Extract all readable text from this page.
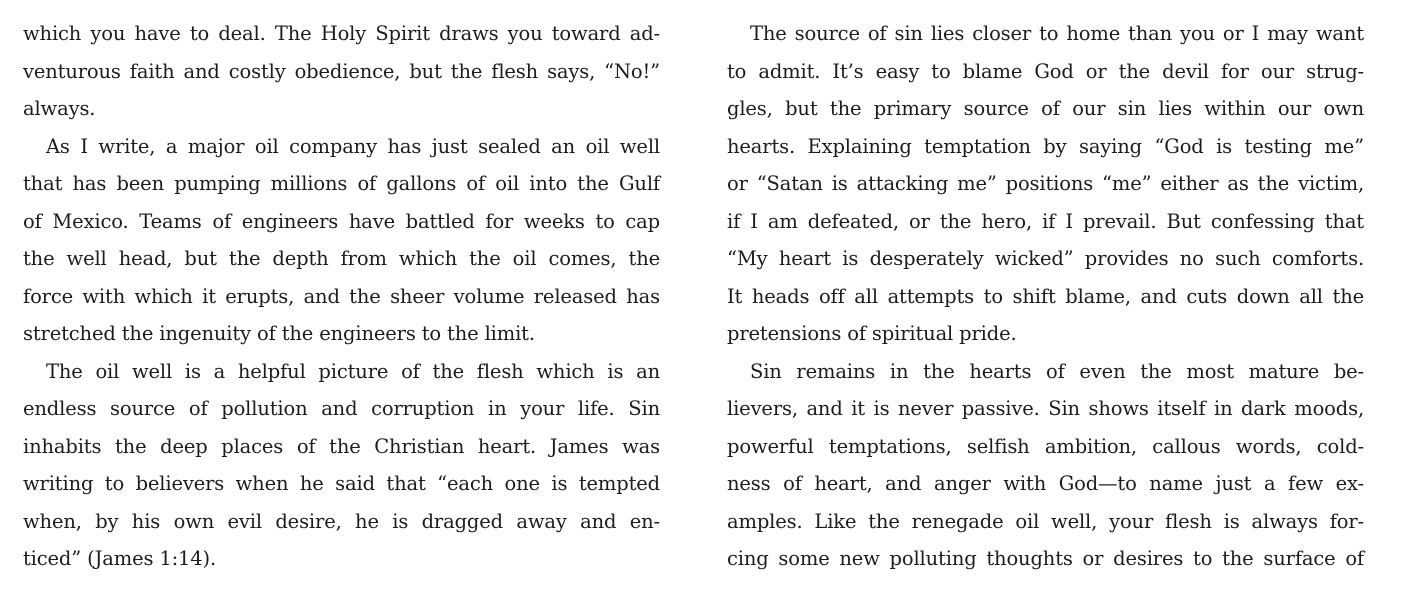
which you have to deal. The Holy Spirit draws you toward ad-
venturous faith and costly obedience, but the flesh says, “No!”
always.
As I write, a major oil company has just sealed an oil well
that has been pumping millions of gallons of oil into the Gulf
of Mexico. Teams of engineers have battled for weeks to cap
the well head, but the depth from which the oil comes, the
force with which it erupts, and the sheer volume released has
stretched the ingenuity of the engineers to the limit.
The oil well is a helpful picture of the flesh which is an
endless source of pollution and corruption in your life. Sin
inhabits the deep places of the Christian heart. James was
writing to believers when he said that “each one is tempted
when, by his own evil desire, he is dragged away and en-
ticed” (James 1:14).
The source of sin lies closer to home than you or I may want
to admit. It’s easy to blame God or the devil for our strug-
gles, but the primary source of our sin lies within our own
hearts. Explaining temptation by saying “God is testing me”
or “Satan is attacking me” positions “me” either as the victim,
if I am defeated, or the hero, if I prevail. But confessing that
“My heart is desperately wicked” provides no such comforts.
It heads off all attempts to shift blame, and cuts down all the
pretensions of spiritual pride.
Sin remains in the hearts of even the most mature be-
lievers, and it is never passive. Sin shows itself in dark moods,
powerful temptations, selfish ambition, callous words, cold-
ness of heart, and anger with God—to name just a few ex-
amples. Like the renegade oil well, your flesh is always for-
cing some new polluting thoughts or desires to the surface of
